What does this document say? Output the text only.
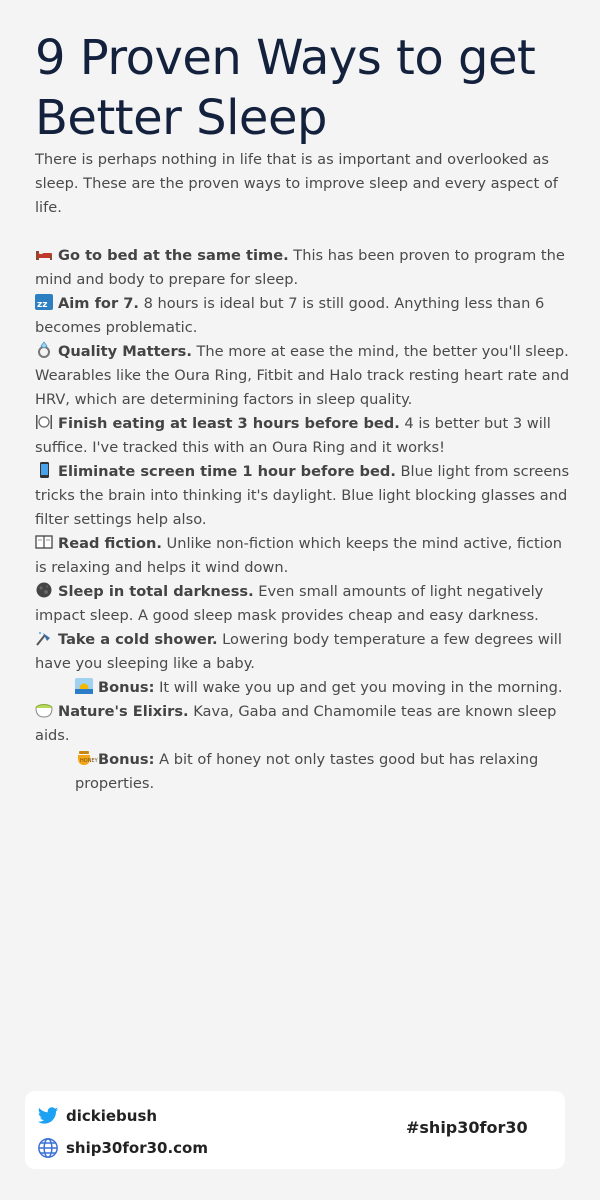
9 Proven Ways to get Better Sleep

There is perhaps nothing in life that is as important and overlooked as sleep. These are the proven ways to improve sleep and every aspect of life.

Go to bed at the same time. This has been proven to program the mind and body to prepare for sleep.

zz Aim for 7. 8 hours is ideal but 7 is still good. Anything less than 6 becomes problematic.

Quality Matters. The more at ease the mind, the better you'll sleep. Wearables like the Oura Ring, Fitbit and Halo track resting heart rate and HRV, which are determining factors in sleep quality.

Finish eating at least 3 hours before bed. 4 is better but 3 will suffice. I've tracked this with an Oura Ring and it works!

Eliminate screen time 1 hour before bed. Blue light from screens tricks the brain into thinking it's daylight. Blue light blocking glasses and filter settings help also.

Read fiction. Unlike non-fiction which keeps the mind active, fiction is relaxing and helps it wind down.

Sleep in total darkness. Even small amounts of light negatively impact sleep. A good sleep mask provides cheap and easy darkness.

Take a cold shower. Lowering body temperature a few degrees will have you sleeping like a baby.

Bonus: It will wake you up and get you moving in the morning.

Nature's Elixirs. Kava, Gaba and Chamomile teas are known sleep aids.

HONEY Bonus: A bit of honey not only tastes good but has relaxing properties.

dickiebush
ship30for30.com
#ship30for30
